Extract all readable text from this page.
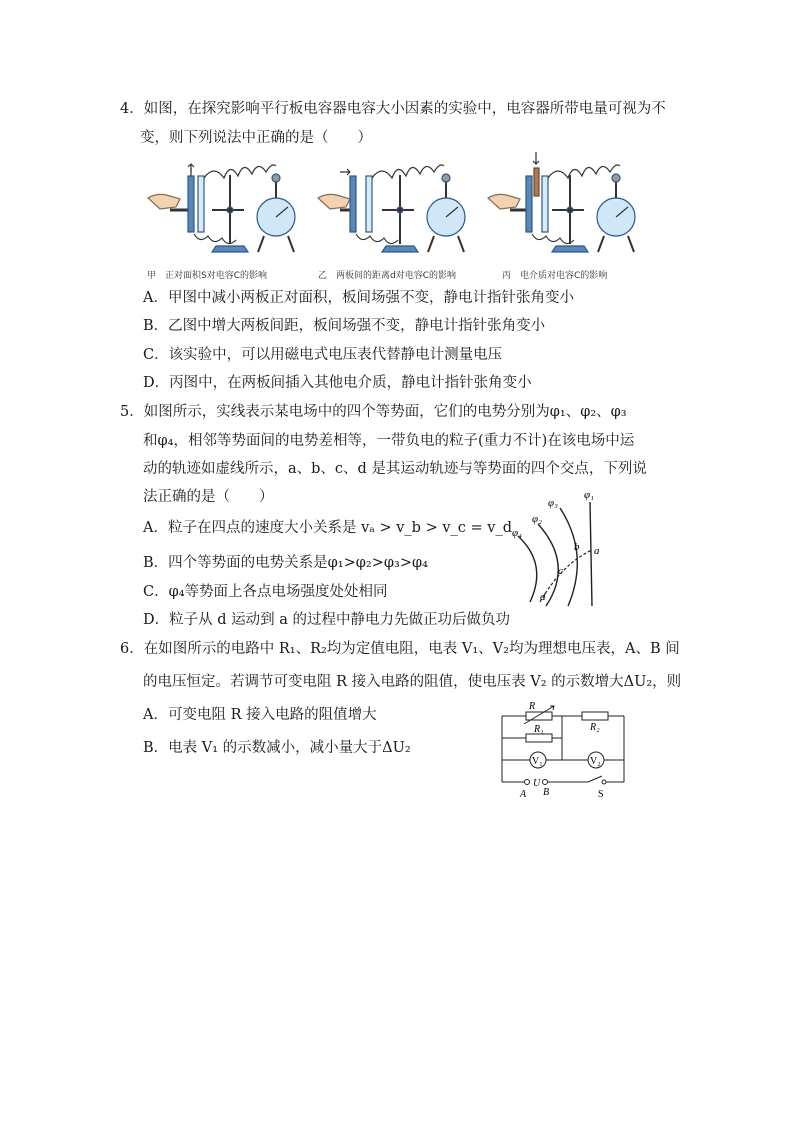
4．如图，在探究影响平行板电容器电容大小因素的实验中，电容器所带电量可视为不
变，则下列说法中正确的是（　　）
甲　正对面积S对电容C的影响	乙　两板间的距离d对电容C的影响	丙　电介质对电容C的影响
A．甲图中减小两板正对面积，板间场强不变，静电计指针张角变小
B．乙图中增大两板间距，板间场强不变，静电计指针张角变小
C．该实验中，可以用磁电式电压表代替静电计测量电压
D．丙图中，在两板间插入其他电介质，静电计指针张角变小
5．如图所示，实线表示某电场中的四个等势面，它们的电势分别为φ₁、φ₂、φ₃
和φ₄，相邻等势面间的电势差相等，一带负电的粒子(重力不计)在该电场中运
动的轨迹如虚线所示，a、b、c、d 是其运动轨迹与等势面的四个交点，下列说
法正确的是（　　）
A．粒子在四点的速度大小关系是 vₐ > v_b > v_c = v_d
B．四个等势面的电势关系是φ₁>φ₂>φ₃>φ₄
C．φ₄等势面上各点电场强度处处相同
D．粒子从 d 运动到 a 的过程中静电力先做正功后做负功
φ₄
φ₂
φ₃
φ₁
a
b
c
d
6．在如图所示的电路中 R₁、R₂均为定值电阻，电表 V₁、V₂均为理想电压表，A、B 间
的电压恒定。若调节可变电阻 R 接入电路的阻值，使电压表 V₂ 的示数增大ΔU₂，则
A．可变电阻 R 接入电路的阻值增大
B．电表 V₁ 的示数减小，减小量大于ΔU₂
R
R₂
R₁
V₁	V₂
U
A B	S
